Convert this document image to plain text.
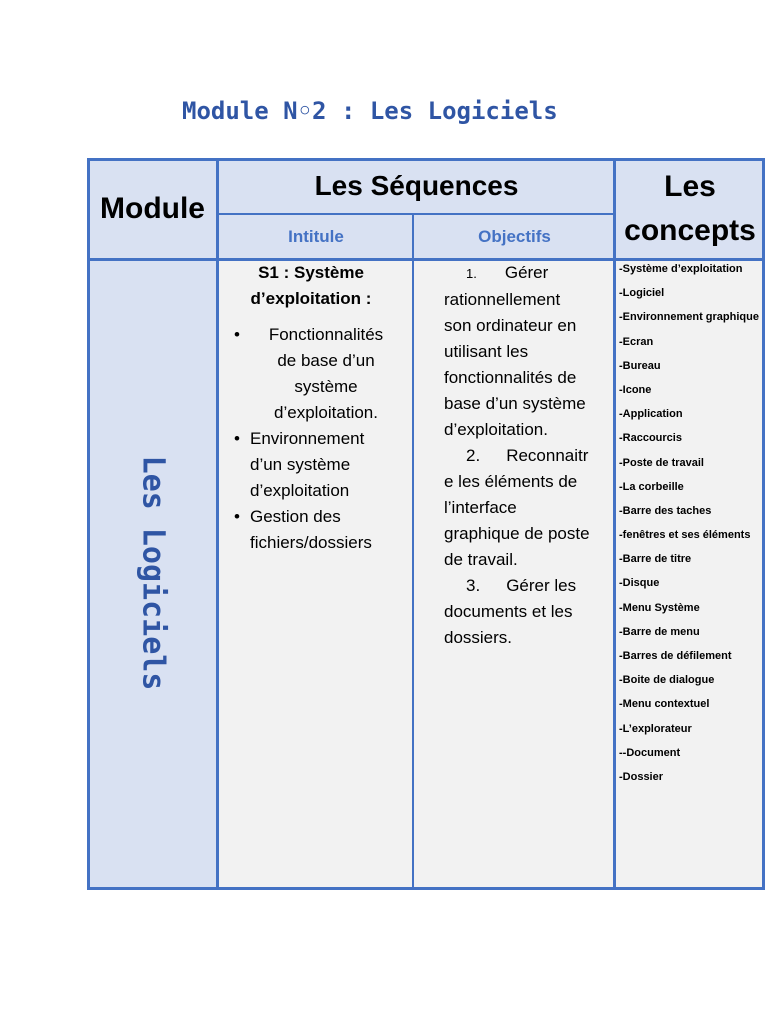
Module N◦2 : Les Logiciels
Module
Les Séquences
Intitule	Objectifs
Les
concepts
Les Logiciels
S1 : Système
d’exploitation :
•	Fonctionnalités
de base d’un
système
d’exploitation.
• Environnement
d’un système
d’exploitation
• Gestion des
fichiers/dossiers
1. Gérer
rationnellement
son ordinateur en
utilisant les
fonctionnalités de
base d’un système
d’exploitation.
2. Reconnaitr
e les éléments de
l’interface
graphique de poste
de travail.
3. Gérer les
documents et les
dossiers.
-Système d’exploitation
-Logiciel
-Environnement graphique
-Ecran
-Bureau
-Icone
-Application
-Raccourcis
-Poste de travail
-La corbeille
-Barre des taches
-fenêtres et ses éléments
-Barre de titre
-Disque
-Menu Système
-Barre de menu
-Barres de défilement
-Boite de dialogue
-Menu contextuel
-L’explorateur
--Document
-Dossier
